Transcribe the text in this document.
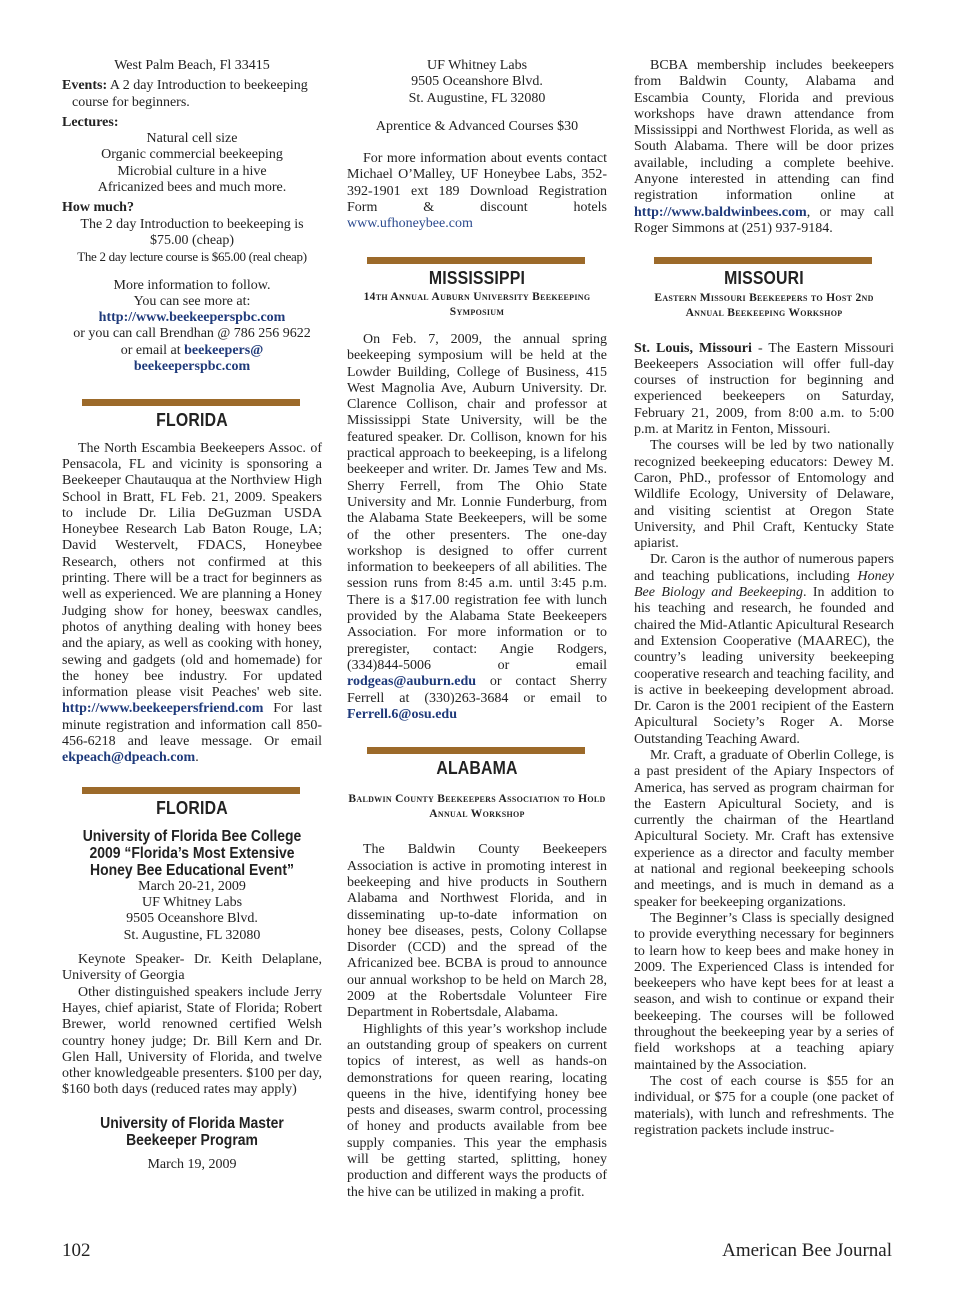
West Palm Beach, Fl 33415

Events: A 2 day Introduction to beekeeping course for beginners.

Lectures:

Natural cell size

Organic commercial beekeeping

Microbial culture in a hive

Africanized bees and much more.

How much?

The 2 day Introduction to beekeeping is

$75.00 (cheap)

The 2 day lecture course is $65.00 (real cheap)

More information to follow.

You can see more at:

http://www.beekeeperspbc.com

or you can call Brendhan @ 786 256 9622

or email at beekeepers@ beekeeperspbc.com

FLORIDA

The North Escambia Beekeepers Assoc. of Pensacola, FL and vicinity is sponsoring a Beekeeper Chautauqua at the Northview High School in Bratt, FL Feb. 21, 2009. Speakers to include Dr. Lilia DeGuzman USDA Honeybee Research Lab Baton Rouge, LA; David Westervelt, FDACS, Honeybee Research, others not confirmed at this printing. There will be a tract for beginners as well as experienced. We are planning a Honey Judging show for honey, beeswax candles, photos of anything dealing with honey bees and the apiary, as well as cooking with honey, sewing and gadgets (old and homemade) for the honey bee industry. For updated information please visit Peaches' web site. http://www.beekeepersfriend.com For last minute registration and information call 850-456-6218 and leave message. Or email ekpeach@dpeach.com.

FLORIDA

University of Florida Bee College 2009 “Florida’s Most Extensive Honey Bee Educational Event”

March 20-21, 2009

UF Whitney Labs

9505 Oceanshore Blvd.

St. Augustine, FL 32080

Keynote Speaker- Dr. Keith Delaplane, University of Georgia

Other distinguished speakers include Jerry Hayes, chief apiarist, State of Florida; Robert Brewer, world renowned certified Welsh country honey judge; Dr. Bill Kern and Dr. Glen Hall, University of Florida, and twelve other knowledgeable presenters. $100 per day, $160 both days (reduced rates may apply)

University of Florida Master Beekeeper Program

March 19, 2009

UF Whitney Labs

9505 Oceanshore Blvd.

St. Augustine, FL 32080

Aprentice & Advanced Courses $30

For more information about events contact Michael O’Malley, UF Honeybee Labs, 352-392-1901 ext 189 Download Registration Form & discount hotels www.ufhoneybee.com

MISSISSIPPI

14th Annual Auburn University Beekeeping Symposium

On Feb. 7, 2009, the annual spring beekeeping symposium will be held at the Lowder Building, College of Business, 415 West Magnolia Ave, Auburn University. Dr. Clarence Collison, chair and professor at Mississippi State University, will be the featured speaker. Dr. Collison, known for his practical approach to beekeeping, is a lifelong beekeeper and writer. Dr. James Tew and Ms. Sherry Ferrell, from The Ohio State University and Mr. Lonnie Funderburg, from the Alabama State Beekeepers, will be some of the other presenters. The one-day workshop is designed to offer current information to beekeepers of all abilities. The session runs from 8:45 a.m. until 3:45 p.m. There is a $17.00 registration fee with lunch provided by the Alabama State Beekeepers Association. For more information or to preregister, contact: Angie Rodgers, (334)844-5006 or email rodgeas@auburn.edu or contact Sherry Ferrell at (330)263-3684 or email to Ferrell.6@osu.edu

ALABAMA

Baldwin County Beekeepers Association to Hold Annual Workshop

The Baldwin County Beekeepers Association is active in promoting interest in beekeeping and hive products in Southern Alabama and Northwest Florida, and in disseminating up-to-date information on honey bee diseases, pests, Colony Collapse Disorder (CCD) and the spread of the Africanized bee. BCBA is proud to announce our annual workshop to be held on March 28, 2009 at the Robertsdale Volunteer Fire Department in Robertsdale, Alabama.

Highlights of this year’s workshop include an outstanding group of speakers on current topics of interest, as well as hands-on demonstrations for queen rearing, locating queens in the hive, identifying honey bee pests and diseases, swarm control, processing of honey and products available from bee supply companies. This year the emphasis will be getting started, splitting, honey production and different ways the products of the hive can be utilized in making a profit.

BCBA membership includes beekeepers from Baldwin County, Alabama and Escambia County, Florida and previous workshops have drawn attendance from Mississippi and Northwest Florida, as well as South Alabama. There will be door prizes available, including a complete beehive. Anyone interested in attending can find registration information online at http://www.baldwinbees.com, or may call Roger Simmons at (251) 937-9184.

MISSOURI

Eastern Missouri Beekeepers to Host 2nd Annual Beekeeping Workshop

St. Louis, Missouri - The Eastern Missouri Beekeepers Association will offer full-day courses of instruction for beginning and experienced beekeepers on Saturday, February 21, 2009, from 8:00 a.m. to 5:00 p.m. at Maritz in Fenton, Missouri.

The courses will be led by two nationally recognized beekeeping educators: Dewey M. Caron, PhD., professor of Entomology and Wildlife Ecology, University of Delaware, and visiting scientist at Oregon State University, and Phil Craft, Kentucky State apiarist.

Dr. Caron is the author of numerous papers and teaching publications, including Honey Bee Biology and Beekeeping. In addition to his teaching and research, he founded and chaired the Mid-Atlantic Apicultural Research and Extension Cooperative (MAAREC), the country’s leading university beekeeping cooperative research and teaching facility, and is active in beekeeping development abroad. Dr. Caron is the 2001 recipient of the Eastern Apicultural Society’s Roger A. Morse Outstanding Teaching Award.

Mr. Craft, a graduate of Oberlin College, is a past president of the Apiary Inspectors of America, has served as program chairman for the Eastern Apicultural Society, and is currently the chairman of the Heartland Apicultural Society. Mr. Craft has extensive experience as a director and faculty member at national and regional beekeeping schools and meetings, and is much in demand as a speaker for beekeeping organizations.

The Beginner’s Class is specially designed to provide everything necessary for beginners to learn how to keep bees and make honey in 2009. The Experienced Class is intended for beekeepers who have kept bees for at least a season, and wish to continue or expand their beekeeping. The courses will be followed throughout the beekeeping year by a series of field workshops at a teaching apiary maintained by the Association.

The cost of each course is $55 for an individual, or $75 for a couple (one packet of materials), with lunch and refreshments. The registration packets include instruc-

102	American Bee Journal
